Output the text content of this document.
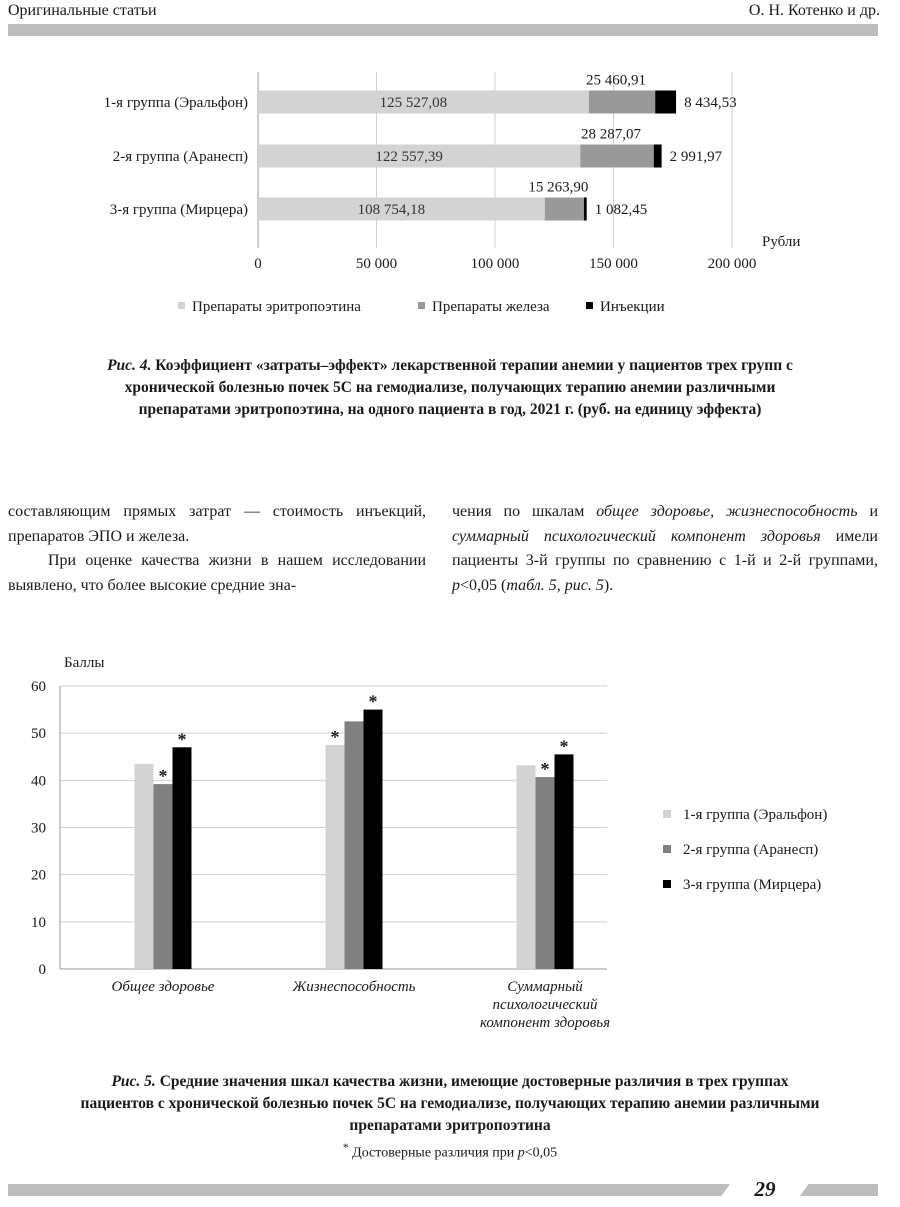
Оригинальные статьи	О. Н. Котенко и др.
0	50 000	100 000	150 000	200 000
Рубли
1-я группа (Эральфон)	125 527,08
25 460,91
8 434,53
2-я группа (Аранесп)	122 557,39
28 287,07
2 991,97
3-я группа (Мирцера)	108 754,18
15 263,90
1 082,45
Препараты эритропоэтина	Препараты железа	Инъекции
Баллы
0
10
20
30
40
50
60
*
*
Общее здоровье
*
*
Жизнеспособность
*
*
Суммарный
психологический
компонент здоровья
1-я группа (Эральфон)
2-я группа (Аранесп)
3-я группа (Мирцера)
Рис. 4. Коэффициент «затраты–эффект» лекарственной терапии анемии у пациентов трех групп с хронической болезнью почек 5С на гемодиализе, получающих терапию анемии различными препаратами эритропоэтина, на одного пациента в год, 2021 г. (руб. на единицу эффекта)

составляющим прямых затрат — стоимость инъекций, препаратов ЭПО и железа.

При оценке качества жизни в нашем исследовании выявлено, что более высокие средние зна-

чения по шкалам общее здоровье, жизнеспособность и суммарный психологический компонент здоровья имели пациенты 3-й группы по сравнению с 1-й и 2-й группами, p<0,05 (табл. 5, рис. 5).

Рис. 5. Средние значения шкал качества жизни, имеющие достоверные различия в трех группах пациентов с хронической болезнью почек 5С на гемодиализе, получающих терапию анемии различными препаратами эритропоэтина
* Достоверные различия при p<0,05
29
